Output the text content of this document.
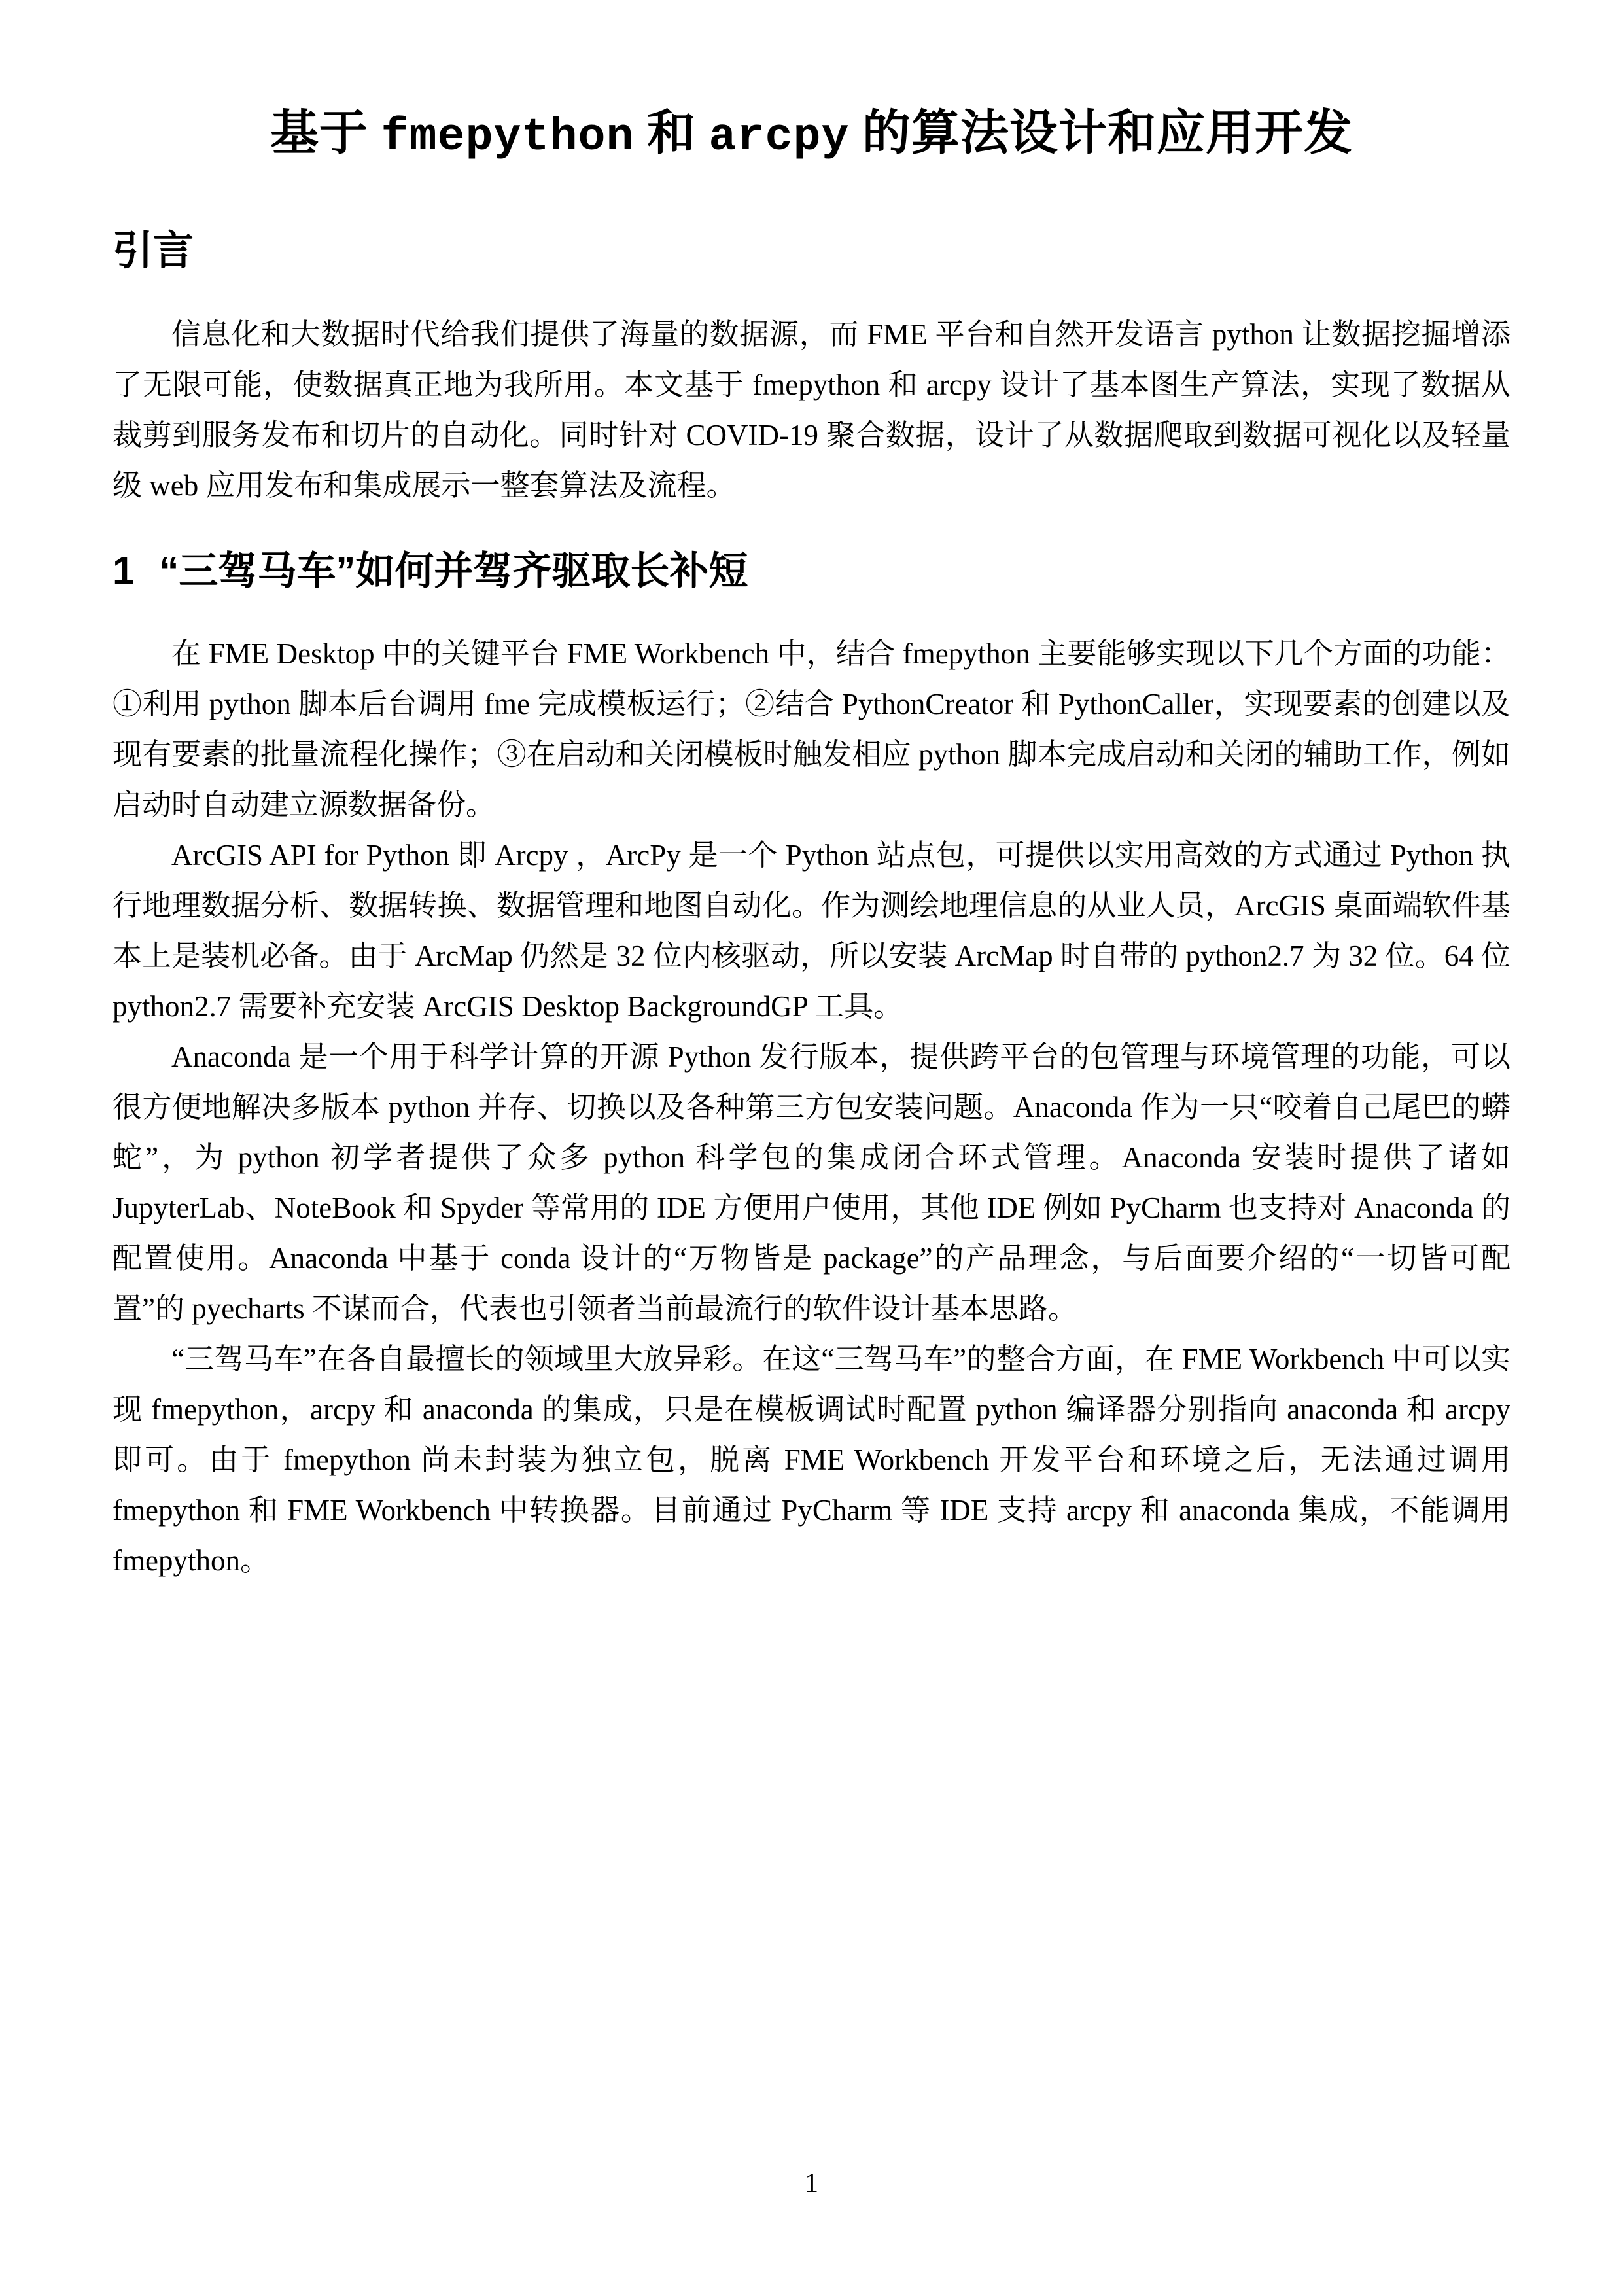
基于 fmepython 和 arcpy 的算法设计和应用开发
引言

信息化和大数据时代给我们提供了海量的数据源，而 FME 平台和自然开发语言 python 让数据挖掘增添了无限可能，使数据真正地为我所用。本文基于 fmepython 和 arcpy 设计了基本图生产算法，实现了数据从裁剪到服务发布和切片的自动化。同时针对 COVID-19 聚合数据，设计了从数据爬取到数据可视化以及轻量级 web 应用发布和集成展示一整套算法及流程。

1 “三驾马车”如何并驾齐驱取长补短

在 FME Desktop 中的关键平台 FME Workbench 中，结合 fmepython 主要能够实现以下几个方面的功能：①利用 python 脚本后台调用 fme 完成模板运行；②结合 PythonCreator 和 PythonCaller，实现要素的创建以及现有要素的批量流程化操作；③在启动和关闭模板时触发相应 python 脚本完成启动和关闭的辅助工作，例如启动时自动建立源数据备份。

ArcGIS API for Python 即 Arcpy ，ArcPy 是一个 Python 站点包，可提供以实用高效的方式通过 Python 执行地理数据分析、数据转换、数据管理和地图自动化。作为测绘地理信息的从业人员，ArcGIS 桌面端软件基本上是装机必备。由于 ArcMap 仍然是 32 位内核驱动，所以安装 ArcMap 时自带的 python2.7 为 32 位。64 位 python2.7 需要补充安装 ArcGIS Desktop BackgroundGP 工具。

Anaconda 是一个用于科学计算的开源 Python 发行版本，提供跨平台的包管理与环境管理的功能，可以很方便地解决多版本 python 并存、切换以及各种第三方包安装问题。Anaconda 作为一只“咬着自己尾巴的蟒蛇”，为 python 初学者提供了众多 python 科学包的集成闭合环式管理。Anaconda 安装时提供了诸如 JupyterLab、NoteBook 和 Spyder 等常用的 IDE 方便用户使用，其他 IDE 例如 PyCharm 也支持对 Anaconda 的配置使用。Anaconda 中基于 conda 设计的“万物皆是 package”的产品理念，与后面要介绍的“一切皆可配置”的 pyecharts 不谋而合，代表也引领者当前最流行的软件设计基本思路。

“三驾马车”在各自最擅长的领域里大放异彩。在这“三驾马车”的整合方面，在 FME Workbench 中可以实现 fmepython，arcpy 和 anaconda 的集成，只是在模板调试时配置 python 编译器分别指向 anaconda 和 arcpy 即可。由于 fmepython 尚未封装为独立包，脱离 FME Workbench 开发平台和环境之后，无法通过调用 fmepython 和 FME Workbench 中转换器。目前通过 PyCharm 等 IDE 支持 arcpy 和 anaconda 集成，不能调用 fmepython。

1
